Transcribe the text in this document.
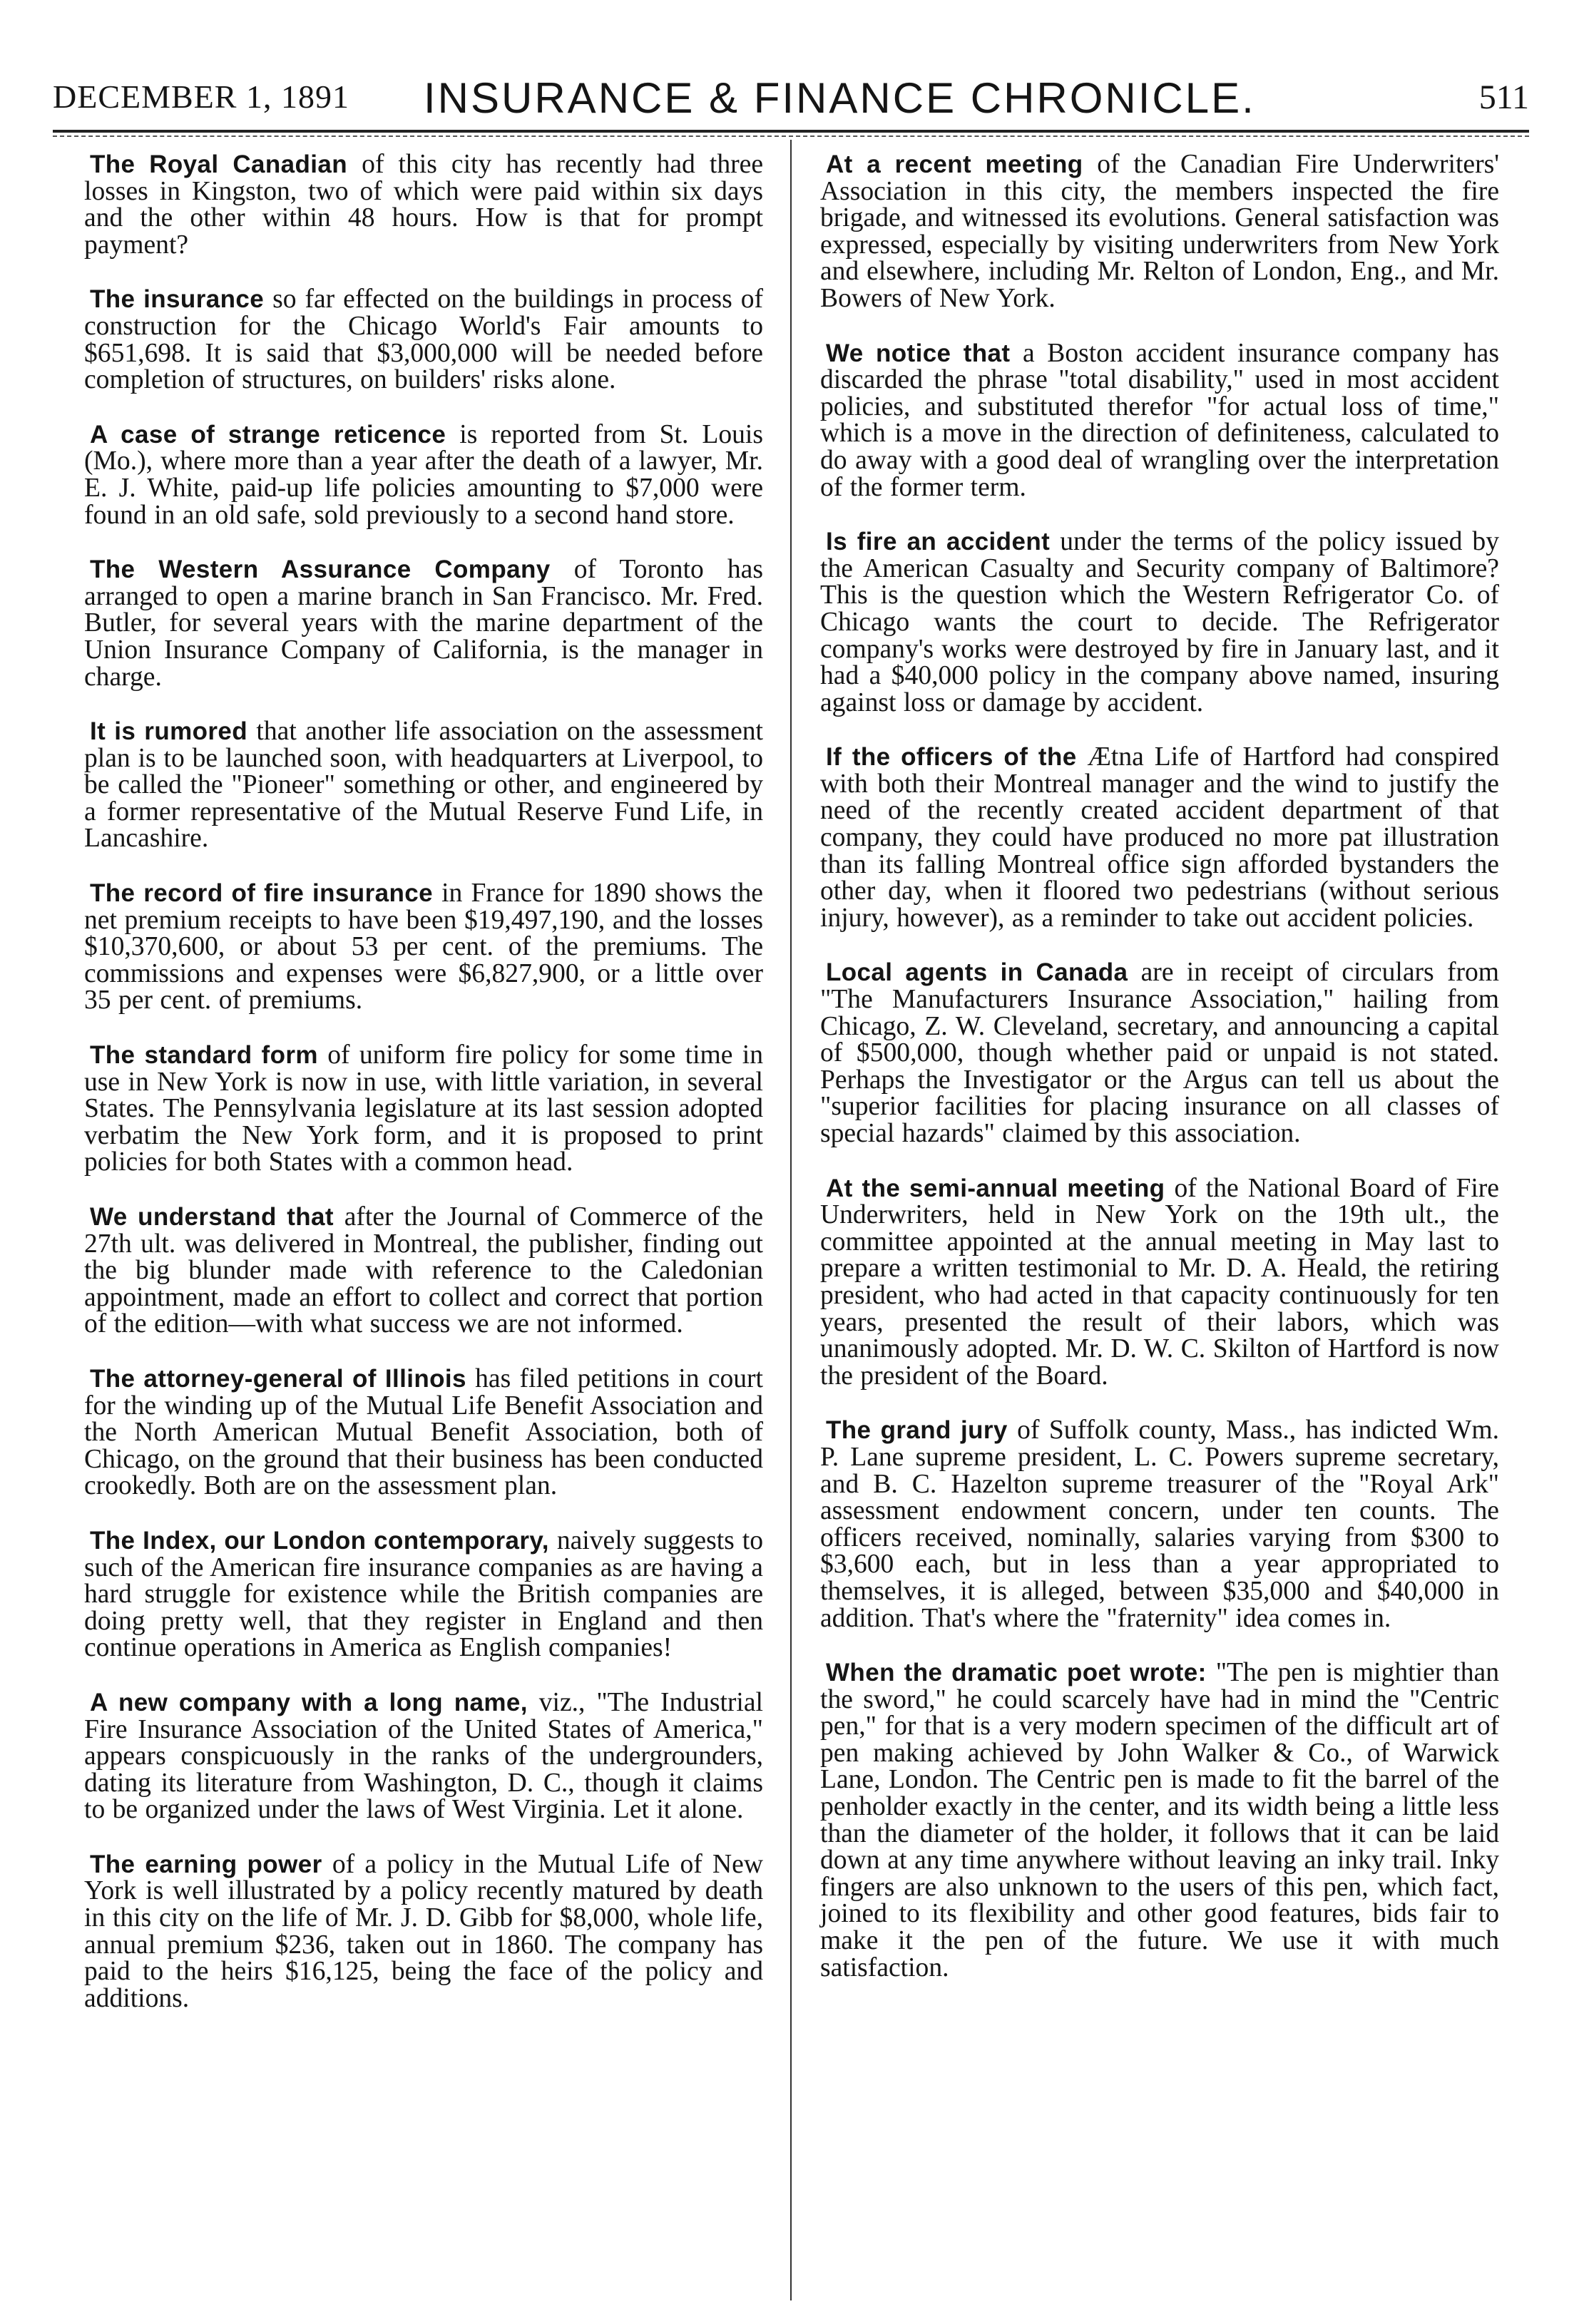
DECEMBER 1, 1891 INSURANCE & FINANCE CHRONICLE.	511

The Royal Canadian of this city has recently had three losses in Kingston, two of which were paid within six days and the other within 48 hours. How is that for prompt payment?

The insurance so far effected on the buildings in process of construction for the Chicago World's Fair amounts to $651,698. It is said that $3,000,000 will be needed before completion of structures, on builders' risks alone.

A case of strange reticence is reported from St. Louis (Mo.), where more than a year after the death of a lawyer, Mr. E. J. White, paid-up life policies amounting to $7,000 were found in an old safe, sold previously to a second hand store.

The Western Assurance Company of Toronto has arranged to open a marine branch in San Francisco. Mr. Fred. Butler, for several years with the marine department of the Union Insurance Company of California, is the manager in charge.

It is rumored that another life association on the assessment plan is to be launched soon, with headquarters at Liverpool, to be called the "Pioneer" something or other, and engineered by a former representative of the Mutual Reserve Fund Life, in Lancashire.

The record of fire insurance in France for 1890 shows the net premium receipts to have been $19,497,190, and the losses $10,370,600, or about 53 per cent. of the premiums. The commissions and expenses were $6,827,900, or a little over 35 per cent. of premiums.

The standard form of uniform fire policy for some time in use in New York is now in use, with little variation, in several States. The Pennsylvania legislature at its last session adopted verbatim the New York form, and it is proposed to print policies for both States with a common head.

We understand that after the Journal of Commerce of the 27th ult. was delivered in Montreal, the publisher, finding out the big blunder made with reference to the Caledonian appointment, made an effort to collect and correct that portion of the edition—with what success we are not informed.

The attorney-general of Illinois has filed petitions in court for the winding up of the Mutual Life Benefit Association and the North American Mutual Benefit Association, both of Chicago, on the ground that their business has been conducted crookedly. Both are on the assessment plan.

The Index, our London contemporary, naively suggests to such of the American fire insurance companies as are having a hard struggle for existence while the British companies are doing pretty well, that they register in England and then continue operations in America as English companies!

A new company with a long name, viz., "The Industrial Fire Insurance Association of the United States of America," appears conspicuously in the ranks of the undergrounders, dating its literature from Washington, D. C., though it claims to be organized under the laws of West Virginia. Let it alone.

The earning power of a policy in the Mutual Life of New York is well illustrated by a policy recently matured by death in this city on the life of Mr. J. D. Gibb for $8,000, whole life, annual premium $236, taken out in 1860. The company has paid to the heirs $16,125, being the face of the policy and additions.

At a recent meeting of the Canadian Fire Underwriters' Association in this city, the members inspected the fire brigade, and witnessed its evolutions. General satisfaction was expressed, especially by visiting underwriters from New York and elsewhere, including Mr. Relton of London, Eng., and Mr. Bowers of New York.

We notice that a Boston accident insurance company has discarded the phrase "total disability," used in most accident policies, and substituted therefor "for actual loss of time," which is a move in the direction of definiteness, calculated to do away with a good deal of wrangling over the interpretation of the former term.

Is fire an accident under the terms of the policy issued by the American Casualty and Security company of Baltimore? This is the question which the Western Refrigerator Co. of Chicago wants the court to decide. The Refrigerator company's works were destroyed by fire in January last, and it had a $40,000 policy in the company above named, insuring against loss or damage by accident.

If the officers of the Ætna Life of Hartford had conspired with both their Montreal manager and the wind to justify the need of the recently created accident department of that company, they could have produced no more pat illustration than its falling Montreal office sign afforded bystanders the other day, when it floored two pedestrians (without serious injury, however), as a reminder to take out accident policies.

Local agents in Canada are in receipt of circulars from "The Manufacturers Insurance Association," hailing from Chicago, Z. W. Cleveland, secretary, and announcing a capital of $500,000, though whether paid or unpaid is not stated. Perhaps the Investigator or the Argus can tell us about the "superior facilities for placing insurance on all classes of special hazards" claimed by this association.

At the semi-annual meeting of the National Board of Fire Underwriters, held in New York on the 19th ult., the committee appointed at the annual meeting in May last to prepare a written testimonial to Mr. D. A. Heald, the retiring president, who had acted in that capacity continuously for ten years, presented the result of their labors, which was unanimously adopted. Mr. D. W. C. Skilton of Hartford is now the president of the Board.

The grand jury of Suffolk county, Mass., has indicted Wm. P. Lane supreme president, L. C. Powers supreme secretary, and B. C. Hazelton supreme treasurer of the "Royal Ark" assessment endowment concern, under ten counts. The officers received, nominally, salaries varying from $300 to $3,600 each, but in less than a year appropriated to themselves, it is alleged, between $35,000 and $40,000 in addition. That's where the "fraternity" idea comes in.

When the dramatic poet wrote: "The pen is mightier than the sword," he could scarcely have had in mind the "Centric pen," for that is a very modern specimen of the difficult art of pen making achieved by John Walker & Co., of Warwick Lane, London. The Centric pen is made to fit the barrel of the penholder exactly in the center, and its width being a little less than the diameter of the holder, it follows that it can be laid down at any time anywhere without leaving an inky trail. Inky fingers are also unknown to the users of this pen, which fact, joined to its flexibility and other good features, bids fair to make it the pen of the future. We use it with much satisfaction.
